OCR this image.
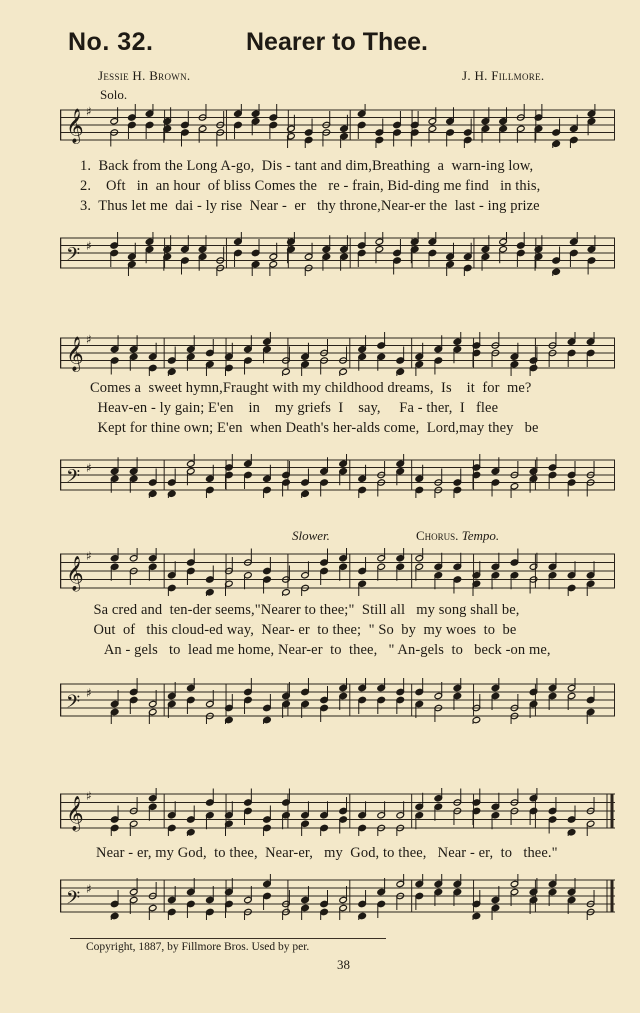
No. 32.	Nearer to Thee.
Jessie H. Brown.	J. H. Fillmore.
Solo.
𝄞 ♯
1.  Back from the Long A-go,  Dis - tant and dim,Breathing  a  warn-ing low,
2.    Oft   in  an hour  of bliss Comes the   re - frain, Bid-ding me find   in this,
3.  Thus let me  dai - ly rise  Near -  er   thy throne,Near-er the  last - ing prize
𝄢 ♯
𝄞 ♯
Comes a  sweet hymn,Fraught with my childhood dreams,  Is    it  for  me?
Heav-en - ly gain; E'en    in    my griefs  I    say,     Fa - ther,  I   flee
Kept for thine own; E'en  when Death's her-alds come,  Lord,may they   be
𝄢 ♯
Slower.	Chorus. Tempo.
𝄞 ♯
Sa cred and  ten-der seems,"Nearer to thee;"  Still all   my song shall be,
Out  of   this cloud-ed way,  Near- er  to thee;  " So  by  my woes  to  be
An - gels   to  lead me home, Near-er  to  thee,   " An-gels  to   beck -on me,
𝄢 ♯
𝄞 ♯
Near - er, my God,  to thee,  Near-er,   my  God, to thee,   Near - er,  to   thee."
𝄢 ♯
Copyright, 1887, by Fillmore Bros. Used by per.
38
